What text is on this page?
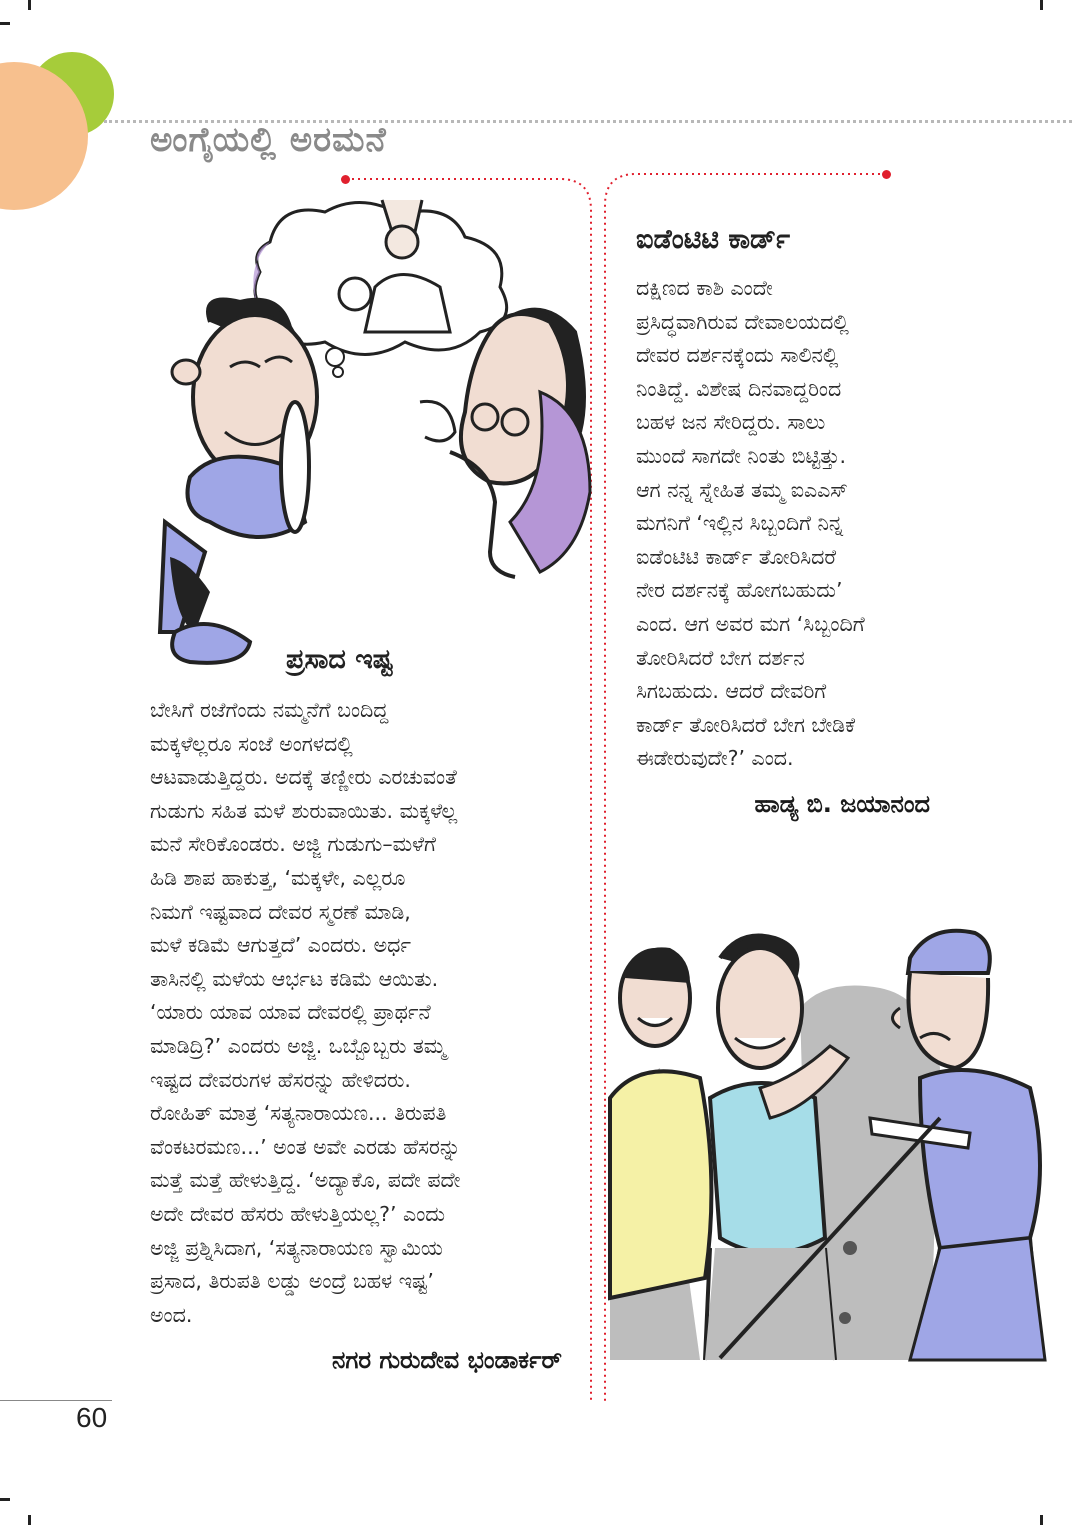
ಅಂಗೈಯಲ್ಲಿ ಅರಮನೆ
ಪ್ರಸಾದ ಇಷ್ಟ
ಬೇಸಿಗೆ ರಜೆಗೆಂದು ನಮ್ಮನೆಗೆ ಬಂದಿದ್ದ
ಮಕ್ಕಳೆಲ್ಲರೂ ಸಂಜೆ ಅಂಗಳದಲ್ಲಿ
ಆಟವಾಡುತ್ತಿದ್ದರು. ಅದಕ್ಕೆ ತಣ್ಣೀರು ಎರಚುವಂತೆ
ಗುಡುಗು ಸಹಿತ ಮಳೆ ಶುರುವಾಯಿತು. ಮಕ್ಕಳೆಲ್ಲ
ಮನೆ ಸೇರಿಕೊಂಡರು. ಅಜ್ಜಿ ಗುಡುಗು–ಮಳೆಗೆ
ಹಿಡಿ ಶಾಪ ಹಾಕುತ್ತ, ‘ಮಕ್ಕಳೇ, ಎಲ್ಲರೂ
ನಿಮಗೆ ಇಷ್ಟವಾದ ದೇವರ ಸ್ಮರಣೆ ಮಾಡಿ,
ಮಳೆ ಕಡಿಮೆ ಆಗುತ್ತದೆ’ ಎಂದರು. ಅರ್ಧ
ತಾಸಿನಲ್ಲಿ ಮಳೆಯ ಆರ್ಭಟ ಕಡಿಮೆ ಆಯಿತು.
‘ಯಾರು ಯಾವ ಯಾವ ದೇವರಲ್ಲಿ ಪ್ರಾರ್ಥನೆ
ಮಾಡಿದ್ರಿ?’ ಎಂದರು ಅಜ್ಜಿ. ಒಬ್ಬೊಬ್ಬರು ತಮ್ಮ
ಇಷ್ಟದ ದೇವರುಗಳ ಹೆಸರನ್ನು ಹೇಳಿದರು.
ರೋಹಿತ್ ಮಾತ್ರ ‘ಸತ್ಯನಾರಾಯಣ... ತಿರುಪತಿ
ವೆಂಕಟರಮಣ...’ ಅಂತ ಅವೇ ಎರಡು ಹೆಸರನ್ನು
ಮತ್ತೆ ಮತ್ತೆ ಹೇಳುತ್ತಿದ್ದ. ‘ಅದ್ಯಾಕೊ, ಪದೇ ಪದೇ
ಅದೇ ದೇವರ ಹೆಸರು ಹೇಳುತ್ತಿಯಲ್ಲ?’ ಎಂದು
ಅಜ್ಜಿ ಪ್ರಶ್ನಿಸಿದಾಗ, ‘ಸತ್ಯನಾರಾಯಣ ಸ್ವಾಮಿಯ
ಪ್ರಸಾದ, ತಿರುಪತಿ ಲಡ್ಡು ಅಂದ್ರೆ ಬಹಳ ಇಷ್ಟ’
ಅಂದ.

ನಗರ ಗುರುದೇವ ಭಂಡಾರ್ಕರ್

ಐಡೆಂಟಿಟಿ ಕಾರ್ಡ್
ದಕ್ಷಿಣದ ಕಾಶಿ ಎಂದೇ
ಪ್ರಸಿದ್ಧವಾಗಿರುವ ದೇವಾಲಯದಲ್ಲಿ
ದೇವರ ದರ್ಶನಕ್ಕೆಂದು ಸಾಲಿನಲ್ಲಿ
ನಿಂತಿದ್ದೆ. ವಿಶೇಷ ದಿನವಾದ್ದರಿಂದ
ಬಹಳ ಜನ ಸೇರಿದ್ದರು. ಸಾಲು
ಮುಂದೆ ಸಾಗದೇ ನಿಂತು ಬಿಟ್ಟಿತ್ತು.
ಆಗ ನನ್ನ ಸ್ನೇಹಿತ ತಮ್ಮ ಐಎಎಸ್
ಮಗನಿಗೆ ‘ಇಲ್ಲಿನ ಸಿಬ್ಬಂದಿಗೆ ನಿನ್ನ
ಐಡೆಂಟಿಟಿ ಕಾರ್ಡ್ ತೋರಿಸಿದರೆ
ನೇರ ದರ್ಶನಕ್ಕೆ ಹೋಗಬಹುದು’
ಎಂದ. ಆಗ ಅವರ ಮಗ ‘ಸಿಬ್ಬಂದಿಗೆ
ತೋರಿಸಿದರೆ ಬೇಗ ದರ್ಶನ
ಸಿಗಬಹುದು. ಆದರೆ ದೇವರಿಗೆ
ಕಾರ್ಡ್ ತೋರಿಸಿದರೆ ಬೇಗ ಬೇಡಿಕೆ
ಈಡೇರುವುದೇ?’ ಎಂದ.

ಹಾಡ್ಯ ಬಿ. ಜಯಾನಂದ

60
